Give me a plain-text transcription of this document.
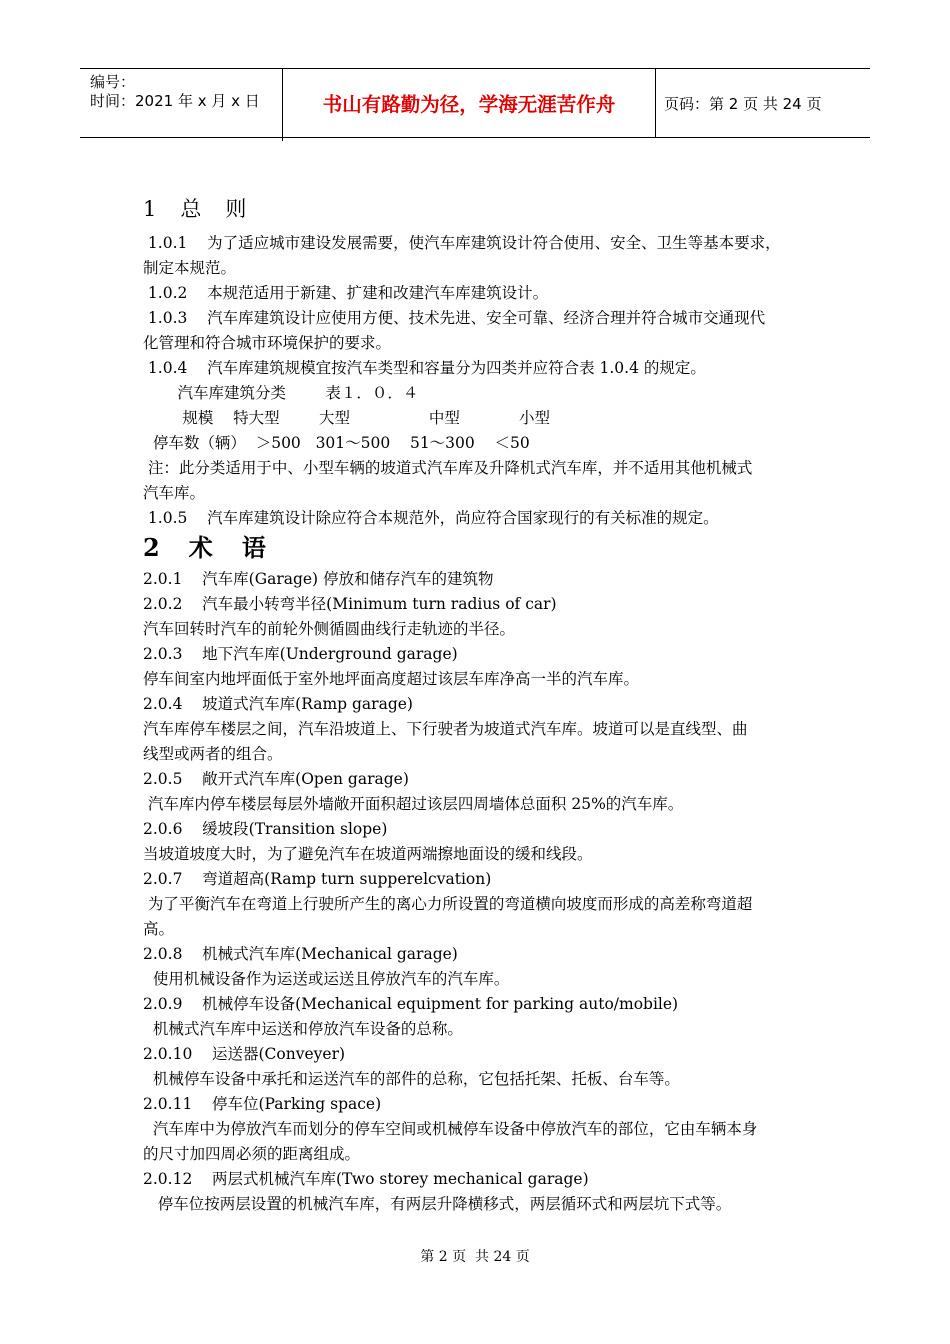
编号：
时间：2021 年 x 月 x 日	书山有路勤为径，学海无涯苦作舟	页码：第 2 页 共 24 页
1   总   则
1.0.1    为了适应城市建设发展需要，使汽车库建筑设计符合使用、安全、卫生等基本要求，
制定本规范。
1.0.2    本规范适用于新建、扩建和改建汽车库建筑设计。
1.0.3    汽车库建筑设计应使用方便、技术先进、安全可靠、经济合理并符合城市交通现代
化管理和符合城市环境保护的要求。
1.0.4    汽车库建筑规模宜按汽车类型和容量分为四类并应符合表 1.0.4 的规定。
汽车库建筑分类        表１．０．４
规模    特大型        大型                中型            小型
停车数（辆）  ＞500   301～500    51～300    ＜50
注：此分类适用于中、小型车辆的坡道式汽车库及升降机式汽车库，并不适用其他机械式
汽车库。
1.0.5    汽车库建筑设计除应符合本规范外，尚应符合国家现行的有关标准的规定。
2   术   语
2.0.1    汽车库(Garage) 停放和储存汽车的建筑物
2.0.2    汽车最小转弯半径(Minimum turn radius of car)
汽车回转时汽车的前轮外侧循圆曲线行走轨迹的半径。
2.0.3    地下汽车库(Underground garage)
停车间室内地坪面低于室外地坪面高度超过该层车库净高一半的汽车库。
2.0.4    坡道式汽车库(Ramp garage)
汽车库停车楼层之间，汽车沿坡道上、下行驶者为坡道式汽车库。坡道可以是直线型、曲
线型或两者的组合。
2.0.5    敞开式汽车库(Open garage)
汽车库内停车楼层每层外墙敞开面积超过该层四周墙体总面积 25%的汽车库。
2.0.6    缓坡段(Transition slope)
当坡道坡度大时，为了避免汽车在坡道两端擦地面设的缓和线段。
2.0.7    弯道超高(Ramp turn supperelcvation)
为了平衡汽车在弯道上行驶所产生的离心力所设置的弯道横向坡度而形成的高差称弯道超
高。
2.0.8    机械式汽车库(Mechanical garage)
使用机械设备作为运送或运送且停放汽车的汽车库。
2.0.9    机械停车设备(Mechanical equipment for parking auto/mobile)
机械式汽车库中运送和停放汽车设备的总称。
2.0.10    运送器(Conveyer)
机械停车设备中承托和运送汽车的部件的总称，它包括托架、托板、台车等。
2.0.11    停车位(Parking space)
汽车库中为停放汽车而划分的停车空间或机械停车设备中停放汽车的部位，它由车辆本身
的尺寸加四周必须的距离组成。
2.0.12    两层式机械汽车库(Two storey mechanical garage)
停车位按两层设置的机械汽车库，有两层升降横移式，两层循环式和两层坑下式等。
第 2 页  共 24 页
